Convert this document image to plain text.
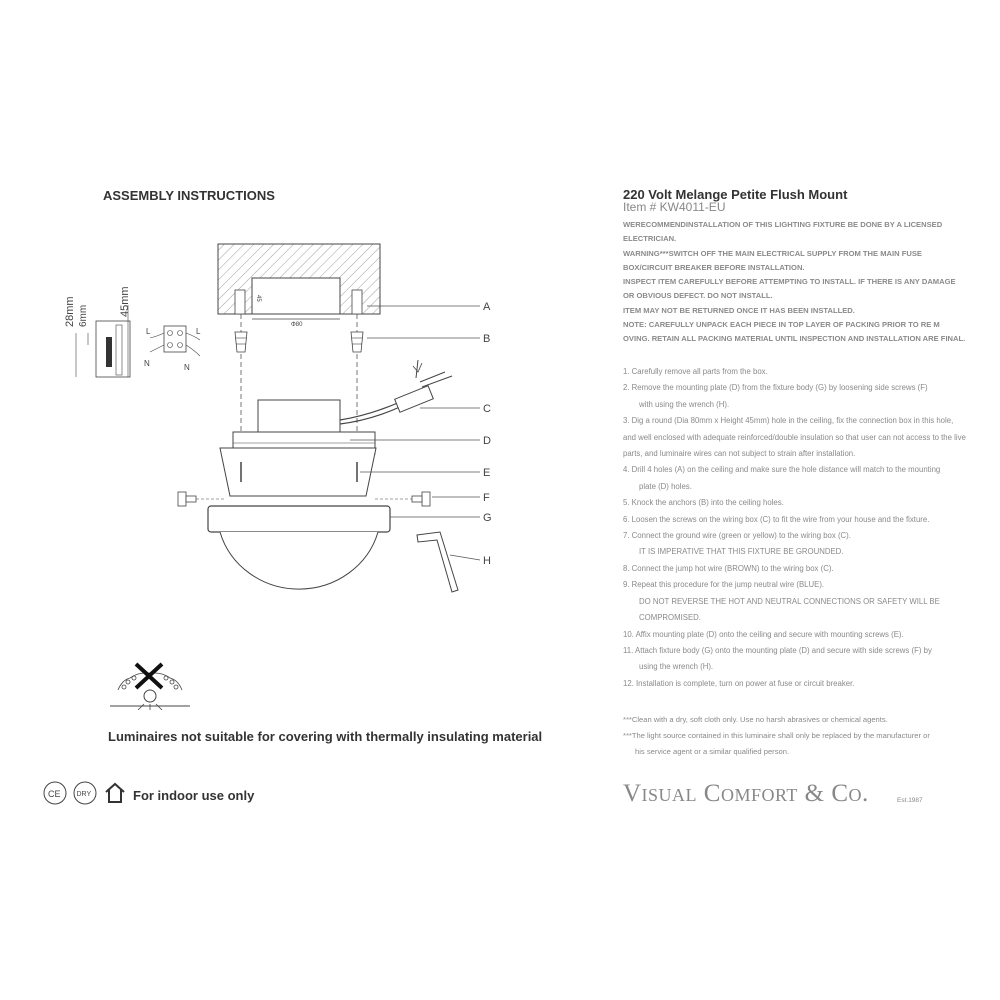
ASSEMBLY INSTRUCTIONS
45
Φ80
A
B
C
D
E
F
G
H
28mm 6mm	45mm
L	L
N	N
Luminaires not suitable for covering with thermally insulating material
CE DRY	For indoor use only
220 Volt Melange Petite Flush Mount
Item # KW4011-EU

WERECOMMENDINSTALLATION OF THIS LIGHTING FIXTURE BE DONE BY A LICENSED ELECTRICIAN.

WARNING***SWITCH OFF THE MAIN ELECTRICAL SUPPLY FROM THE MAIN FUSE BOX/CIRCUIT BREAKER BEFORE INSTALLATION.

INSPECT ITEM CAREFULLY BEFORE ATTEMPTING TO INSTALL. IF THERE IS ANY DAMAGE OR OBVIOUS DEFECT. DO NOT INSTALL.

ITEM MAY NOT BE RETURNED ONCE IT HAS BEEN INSTALLED.

NOTE: CAREFULLY UNPACK EACH PIECE IN TOP LAYER OF PACKING PRIOR TO RE M OVING. RETAIN ALL PACKING MATERIAL UNTIL INSPECTION AND INSTALLATION ARE FINAL.

1. Carefully remove all parts from the box.

2. Remove the mounting plate (D) from the fixture body (G) by loosening side screws (F)

with using the wrench (H).

3. Dig a round (Dia 80mm x Height 45mm) hole in the ceiling, fix the connection box in this hole, and well enclosed with adequate reinforced/double insulation so that user can not access to the live parts, and luminaire wires can not subject to strain after installation.

4. Drill 4 holes (A) on the ceiling and make sure the hole distance will match to the mounting

plate (D) holes.

5. Knock the anchors (B) into the ceiling holes.

6. Loosen the screws on the wiring box (C) to fit the wire from your house and the fixture.

7. Connect the ground wire (green or yellow) to the wiring box (C).

IT IS IMPERATIVE THAT THIS FIXTURE BE GROUNDED.

8. Connect the jump hot wire (BROWN) to the wiring box (C).

9. Repeat this procedure for the jump neutral wire (BLUE).

DO NOT REVERSE THE HOT AND NEUTRAL CONNECTIONS OR SAFETY WILL BE COMPROMISED.

10. Affix mounting plate (D) onto the ceiling and secure with mounting screws (E).

11. Attach fixture body (G) onto the mounting plate (D) and secure with side screws (F) by

using the wrench (H).

12. Installation is complete, turn on power at fuse or circuit breaker.

***Clean with a dry, soft cloth only. Use no harsh abrasives or chemical agents.

***The light source contained in this luminaire shall only be replaced by the manufacturer or

his service agent or a similar qualified person.

Visual Comfort & Co.	Est.1987
